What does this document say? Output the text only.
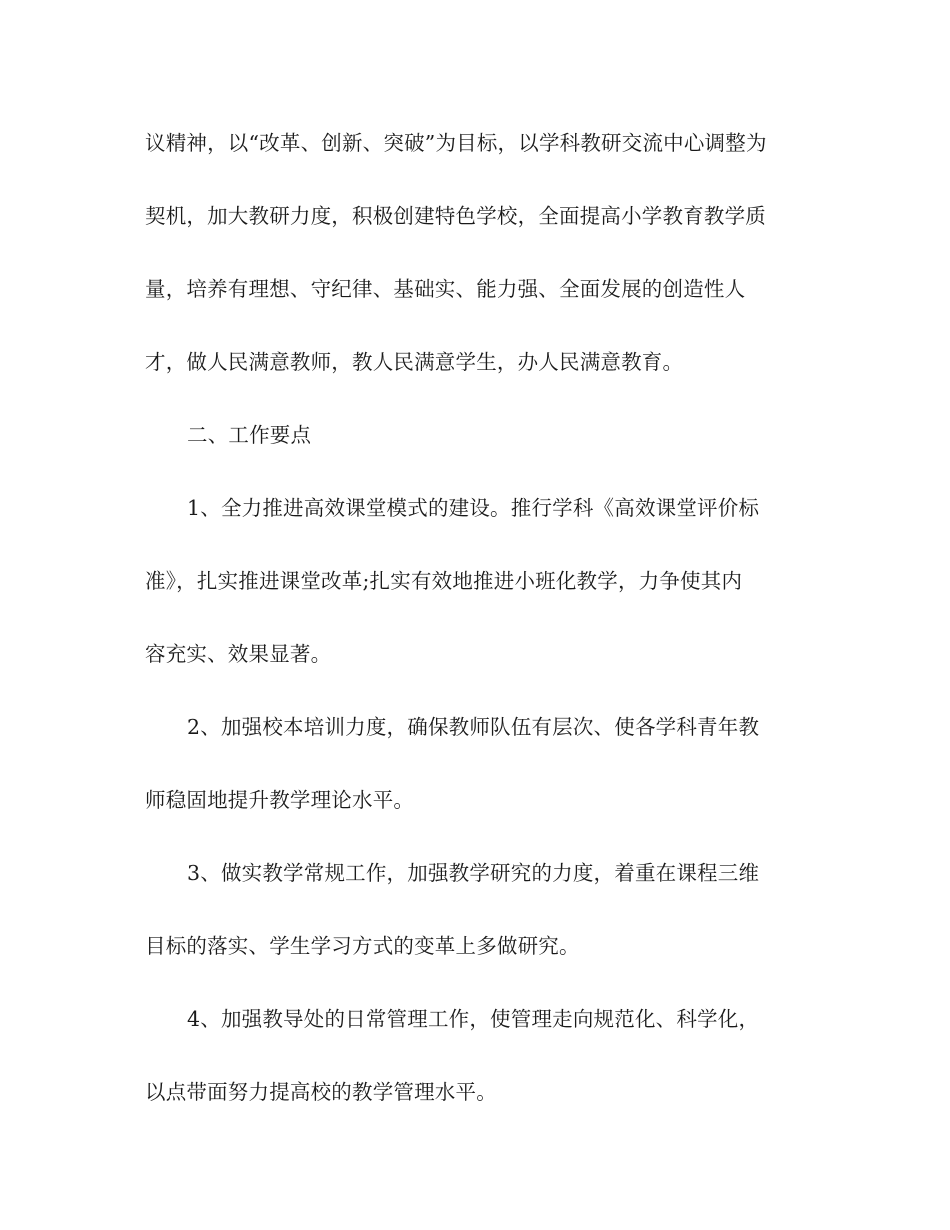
议精神，以“改革、创新、突破”为目标，以学科教研交流中心调整为
契机，加大教研力度，积极创建特色学校，全面提高小学教育教学质
量，培养有理想、守纪律、基础实、能力强、全面发展的创造性人
才，做人民满意教师，教人民满意学生，办人民满意教育。
二、工作要点
1、全力推进高效课堂模式的建设。推行学科《高效课堂评价标
准》，扎实推进课堂改革;扎实有效地推进小班化教学，力争使其内
容充实、效果显著。
2、加强校本培训力度，确保教师队伍有层次、使各学科青年教
师稳固地提升教学理论水平。
3、做实教学常规工作，加强教学研究的力度，着重在课程三维
目标的落实、学生学习方式的变革上多做研究。
4、加强教导处的日常管理工作，使管理走向规范化、科学化，
以点带面努力提高校的教学管理水平。
